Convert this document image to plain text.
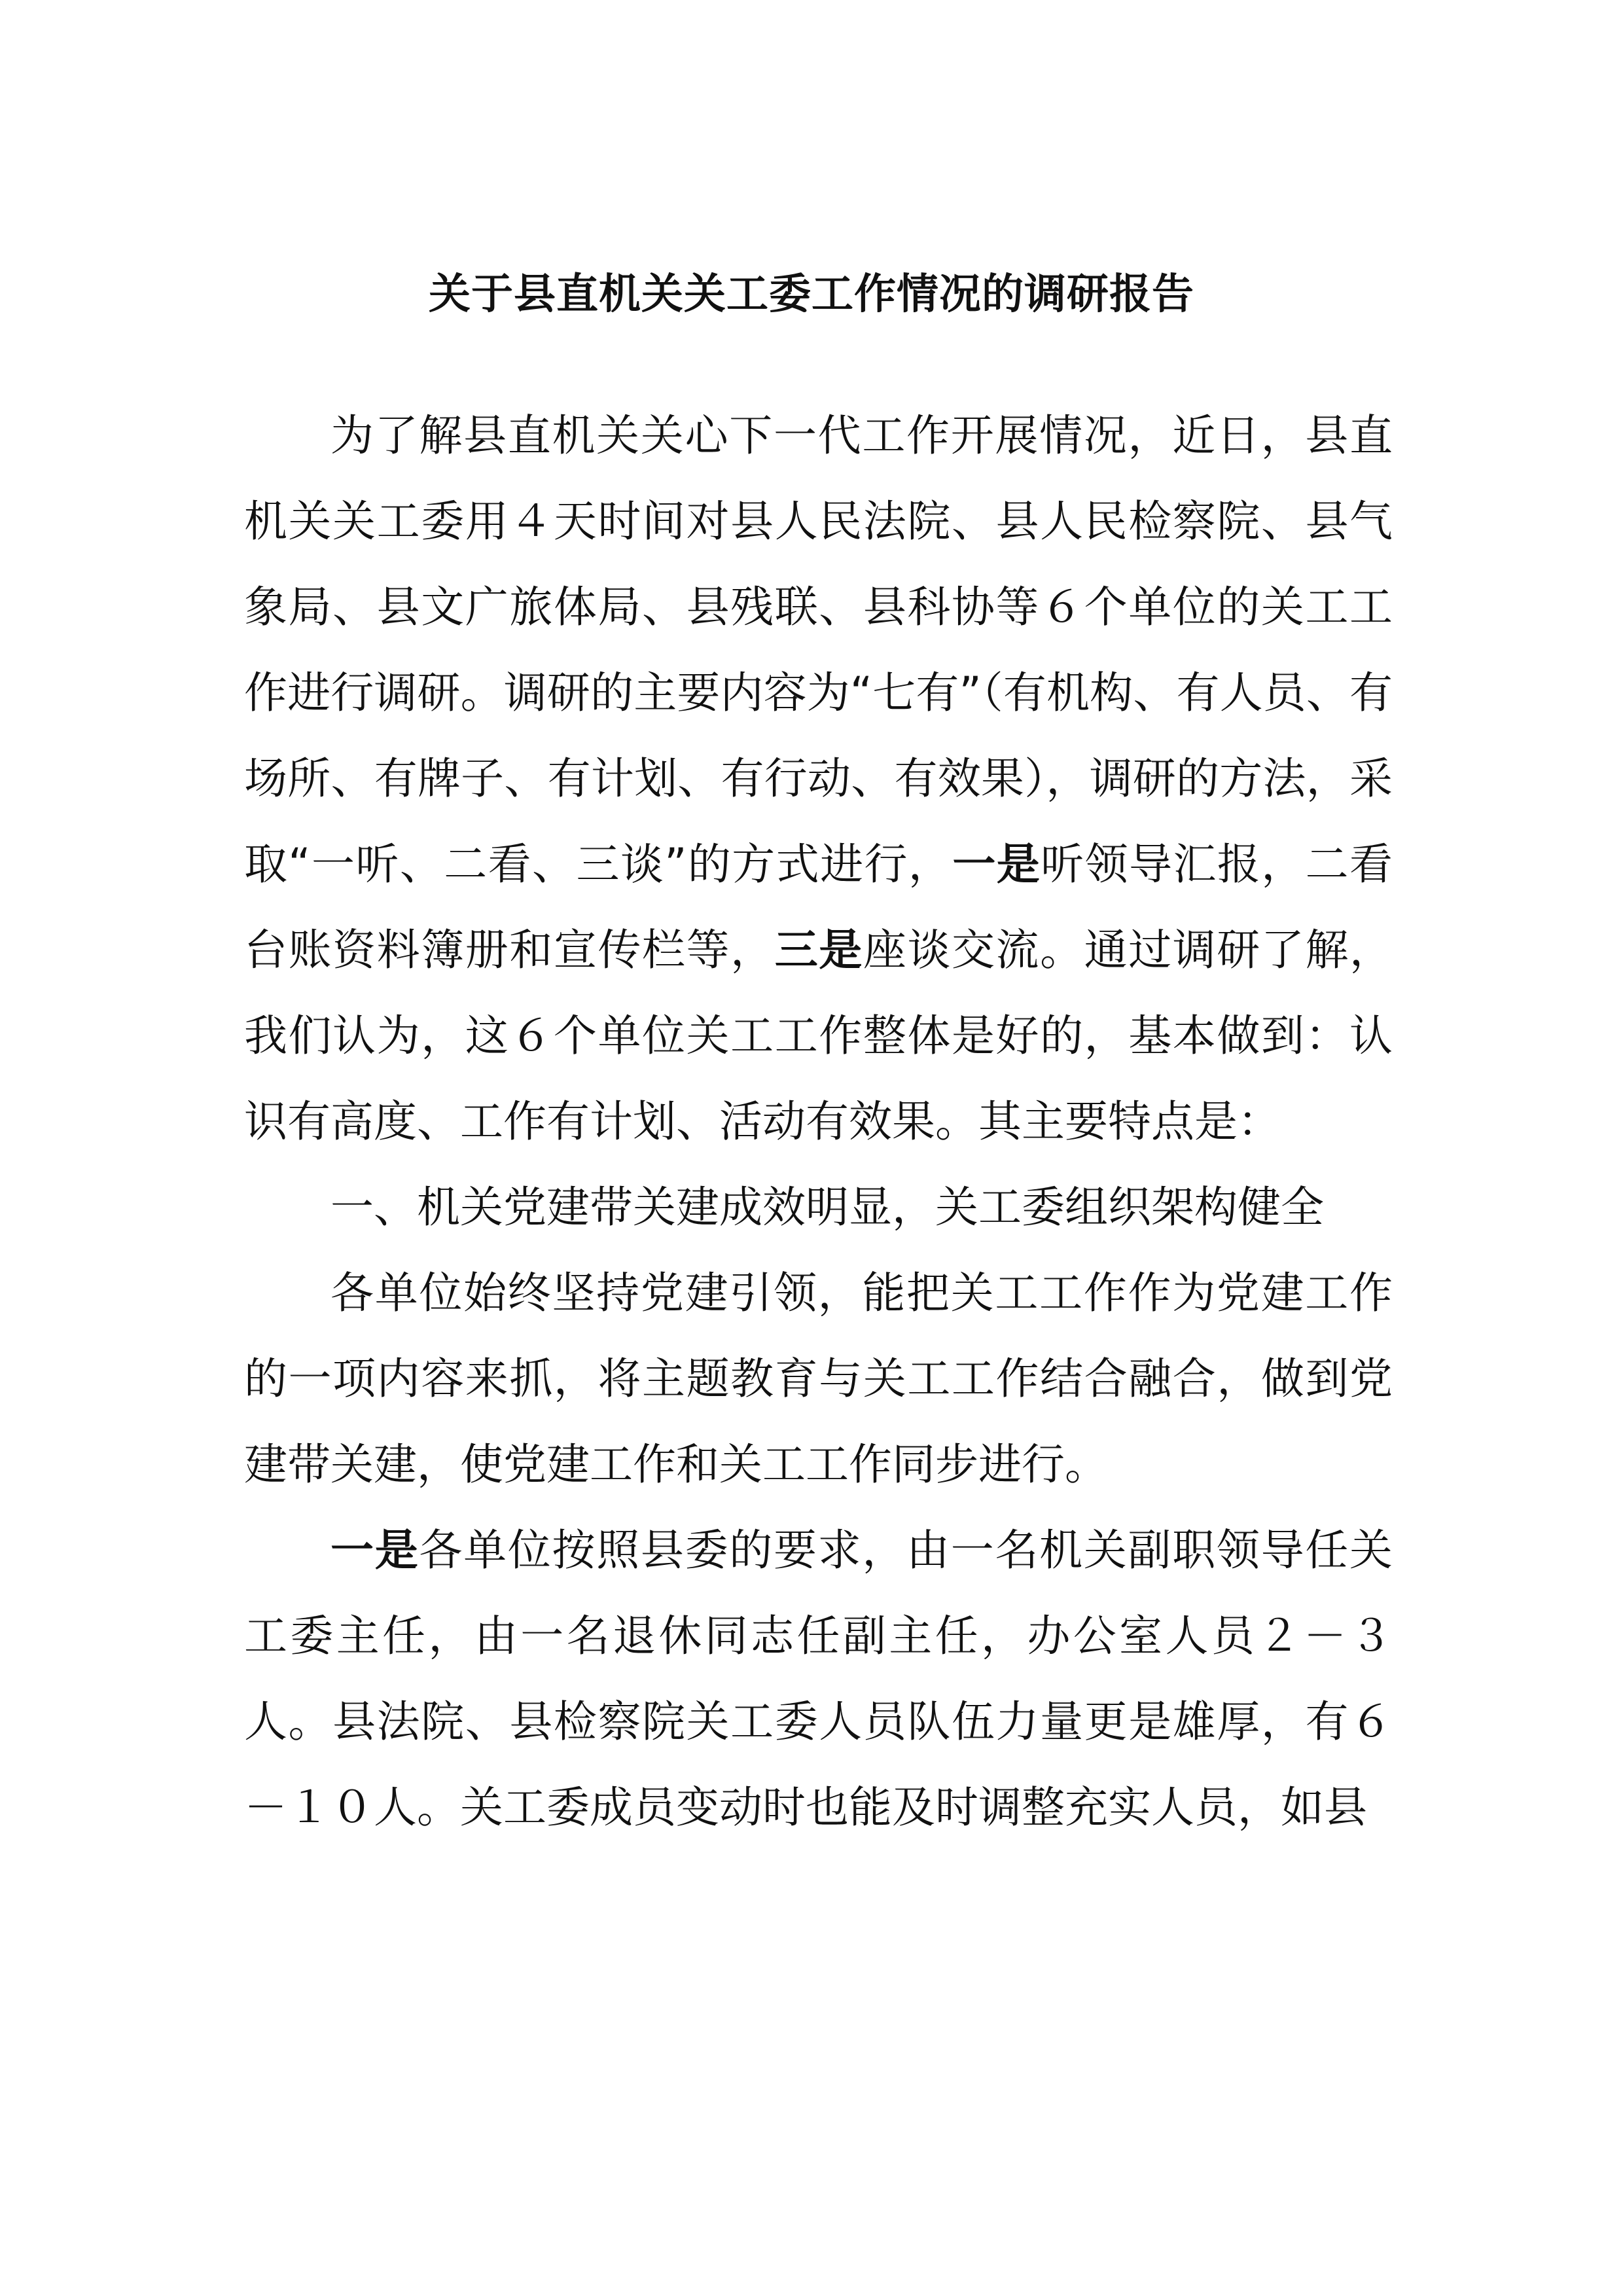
关于县直机关关工委工作情况的调研报告

为了解县直机关关心下一代工作开展情况，近日，县直机关关工委用４天时间对县人民法院、县人民检察院、县气象局、县文广旅体局、县残联、县科协等６个单位的关工工作进行调研。调研的主要内容为“七有”（有机构、有人员、有场所、有牌子、有计划、有行动、有效果），调研的方法，采取“一听、二看、三谈”的方式进行，一是听领导汇报，二看台账资料簿册和宣传栏等，三是座谈交流。通过调研了解，我们认为，这６个单位关工工作整体是好的，基本做到：认识有高度、工作有计划、活动有效果。其主要特点是：

一、机关党建带关建成效明显，关工委组织架构健全

各单位始终坚持党建引领，能把关工工作作为党建工作的一项内容来抓，将主题教育与关工工作结合融合，做到党建带关建，使党建工作和关工工作同步进行。

一是各单位按照县委的要求，由一名机关副职领导任关工委主任，由一名退休同志任副主任，办公室人员２－３人。县法院、县检察院关工委人员队伍力量更是雄厚，有６－１０人。关工委成员变动时也能及时调整充实人员，如县
